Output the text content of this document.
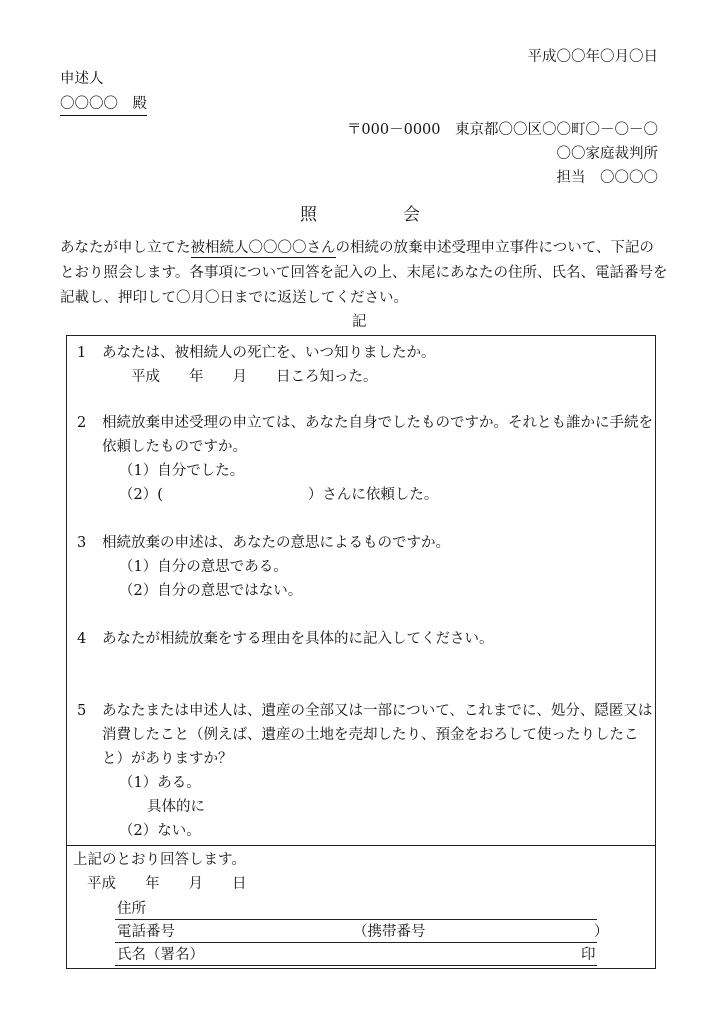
平成〇〇年〇月〇日
申述人
〇〇〇〇　殿
〒000－0000　東京都〇〇区〇〇町〇－〇－〇
〇〇家庭裁判所
担当　〇〇〇〇
照	会
あなたが申し立てた被相続人〇〇〇〇さんの相続の放棄申述受理申立事件について、下記の
とおり照会します。各事項について回答を記入の上、末尾にあなたの住所、氏名、電話番号を
記載し、押印して〇月〇日までに返送してください。
記
1 あなたは、被相続人の死亡を、いつ知りましたか。
平成　　年　　月　　日ころ知った。
2 相続放棄申述受理の申立ては、あなた自身でしたものですか。それとも誰かに手続を
依頼したものですか。
（1）自分でした。
（2）(　　　　　　　　　　）さんに依頼した。
3 相続放棄の申述は、あなたの意思によるものですか。
（1）自分の意思である。
（2）自分の意思ではない。
4 あなたが相続放棄をする理由を具体的に記入してください。
5 あなたまたは申述人は、遺産の全部又は一部について、これまでに、処分、隠匿又は
消費したこと（例えば、遺産の土地を売却したり、預金をおろして使ったりしたこ
と）がありますか？
（1）ある。
具体的に
（2）ない。
上記のとおり回答します。
平成　　年　　月　　日
住所
電話番号	（携帯番号	）
氏名（署名）	印
